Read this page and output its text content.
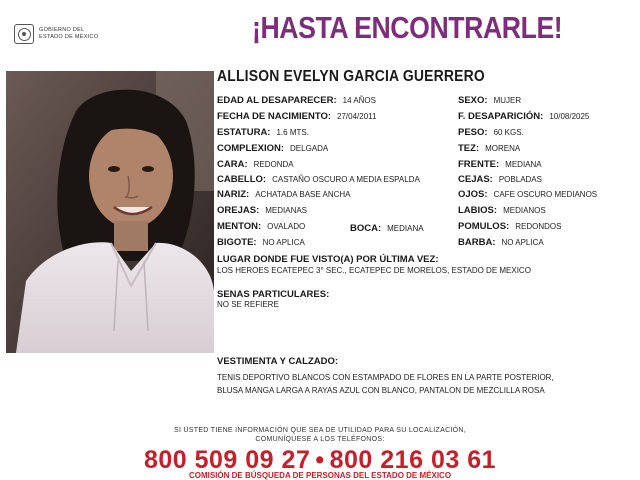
GOBIERNO DEL
ESTADO DE MÉXICO	¡HASTA ENCONTRARLE!
ALLISON EVELYN GARCIA GUERRERO
EDAD AL DESAPARECER: 14 AÑOS
FECHA DE NACIMIENTO: 27/04/2011
ESTATURA: 1.6 MTS.
COMPLEXION: DELGADA
CARA: REDONDA
CABELLO: CASTAÑO OSCURO A MEDIA ESPALDA
NARIZ: ACHATADA BASE ANCHA
OREJAS: MEDIANAS
MENTON: OVALADO	BOCA: MEDIANA
BIGOTE: NO APLICA
SEXO: MUJER
F. DESAPARICIÓN: 10/08/2025
PESO: 60 KGS.
TEZ: MORENA
FRENTE: MEDIANA
CEJAS: POBLADAS
OJOS: CAFE OSCURO MEDIANOS
LABIOS: MEDIANOS
POMULOS: REDONDOS
BARBA: NO APLICA
LUGAR DONDE FUE VISTO(A) POR ÚLTIMA VEZ:
LOS HEROES ECATEPEC 3° SEC., ECATEPEC DE MORELOS, ESTADO DE MEXICO
SENAS PARTICULARES:
NO SE REFIERE
VESTIMENTA Y CALZADO:
TENIS DEPORTIVO BLANCOS CON ESTAMPADO DE FLORES EN LA PARTE POSTERIOR,
BLUSA MANGA LARGA A RAYAS AZUL CON BLANCO, PANTALON DE MEZCLILLA ROSA
SI USTED TIENE INFORMACIÓN QUE SEA DE UTILIDAD PARA SU LOCALIZACIÓN,
COMUNÍQUESE A LOS TELÉFONOS:
800 509 09 27 • 800 216 03 61
COMISIÓN DE BÚSQUEDA DE PERSONAS DEL ESTADO DE MÉXICO
